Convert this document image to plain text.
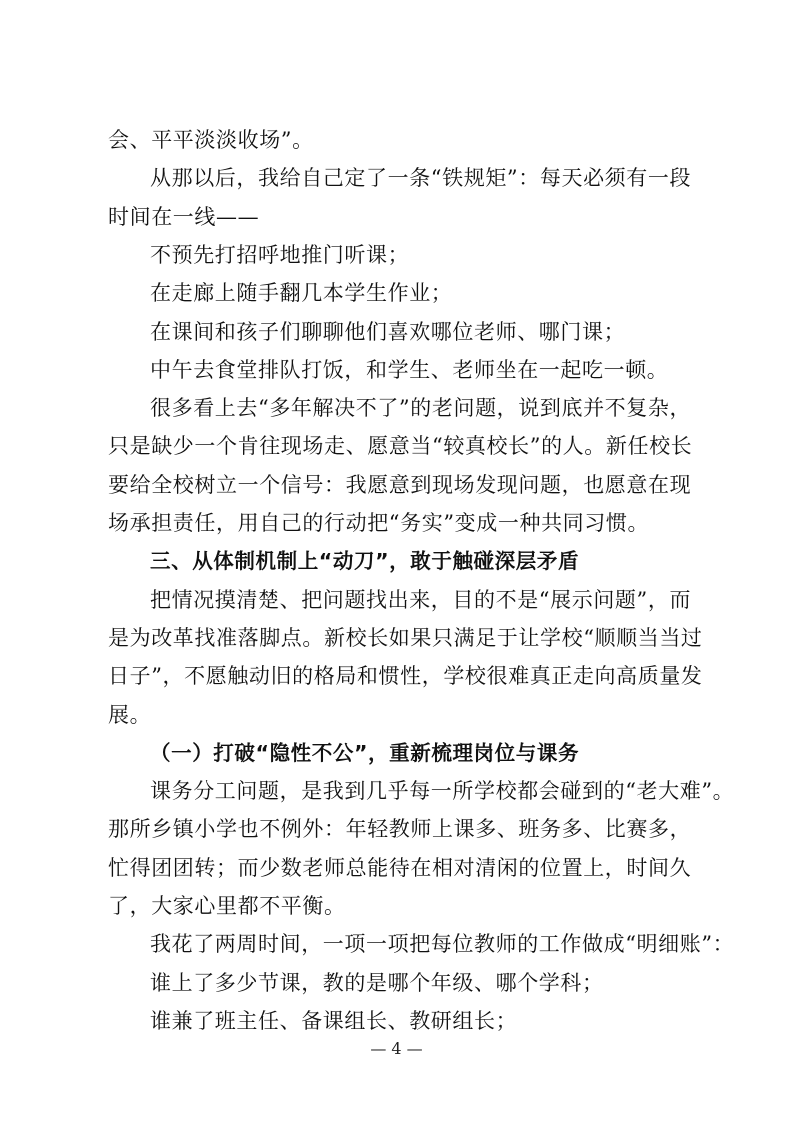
会、平平淡淡收场”。
从那以后，我给自己定了一条“铁规矩”：每天必须有一段
时间在一线——
不预先打招呼地推门听课；
在走廊上随手翻几本学生作业；
在课间和孩子们聊聊他们喜欢哪位老师、哪门课；
中午去食堂排队打饭，和学生、老师坐在一起吃一顿。
很多看上去“多年解决不了”的老问题，说到底并不复杂，
只是缺少一个肯往现场走、愿意当“较真校长”的人。新任校长
要给全校树立一个信号：我愿意到现场发现问题，也愿意在现
场承担责任，用自己的行动把“务实”变成一种共同习惯。
三、从体制机制上“动刀”，敢于触碰深层矛盾
把情况摸清楚、把问题找出来，目的不是“展示问题”，而
是为改革找准落脚点。新校长如果只满足于让学校“顺顺当当过
日子”，不愿触动旧的格局和惯性，学校很难真正走向高质量发
展。
（一）打破“隐性不公”，重新梳理岗位与课务
课务分工问题，是我到几乎每一所学校都会碰到的“老大难”。
那所乡镇小学也不例外：年轻教师上课多、班务多、比赛多，
忙得团团转；而少数老师总能待在相对清闲的位置上，时间久
了，大家心里都不平衡。
— 4 —
我花了两周时间，一项一项把每位教师的工作做成“明细账”：
谁上了多少节课，教的是哪个年级、哪个学科；
谁兼了班主任、备课组长、教研组长；
